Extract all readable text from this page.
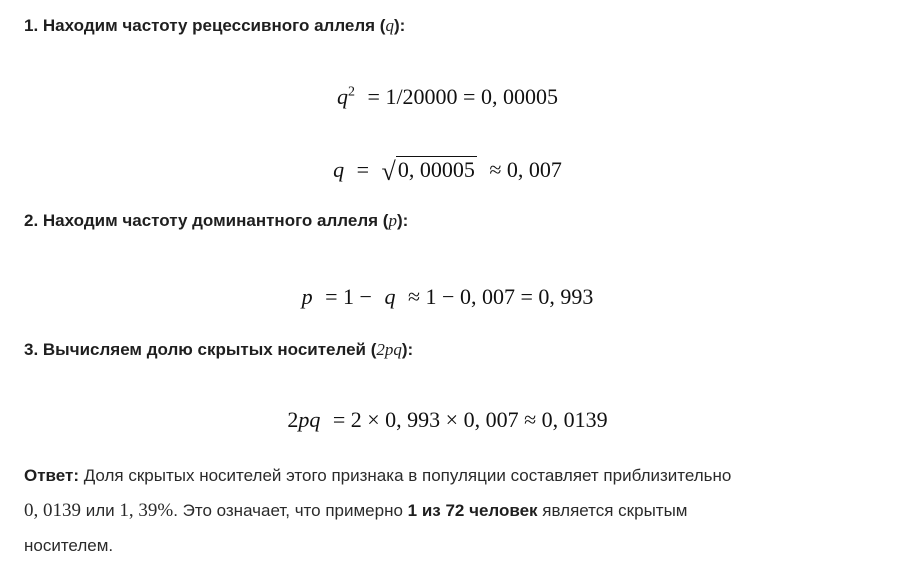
1. Находим частоту рецессивного аллеля (q):
$q^2 = 1/20000 = 0$, 00005
q = √0, 00005 ≈ 0, 007
2. Находим частоту доминантного аллеля (p):
p = 1 − q ≈ 1 − 0, 007 = 0, 993
3. Вычисляем долю скрытых носителей (2pq):
2pq = 2 × 0, 993 × 0, 007 ≈ 0, 0139
Ответ: Доля скрытых носителей этого признака в популяции составляет приблизительно
0, 0139 или 1, 39%. Это означает, что примерно 1 из 72 человек является скрытым
носителем.
